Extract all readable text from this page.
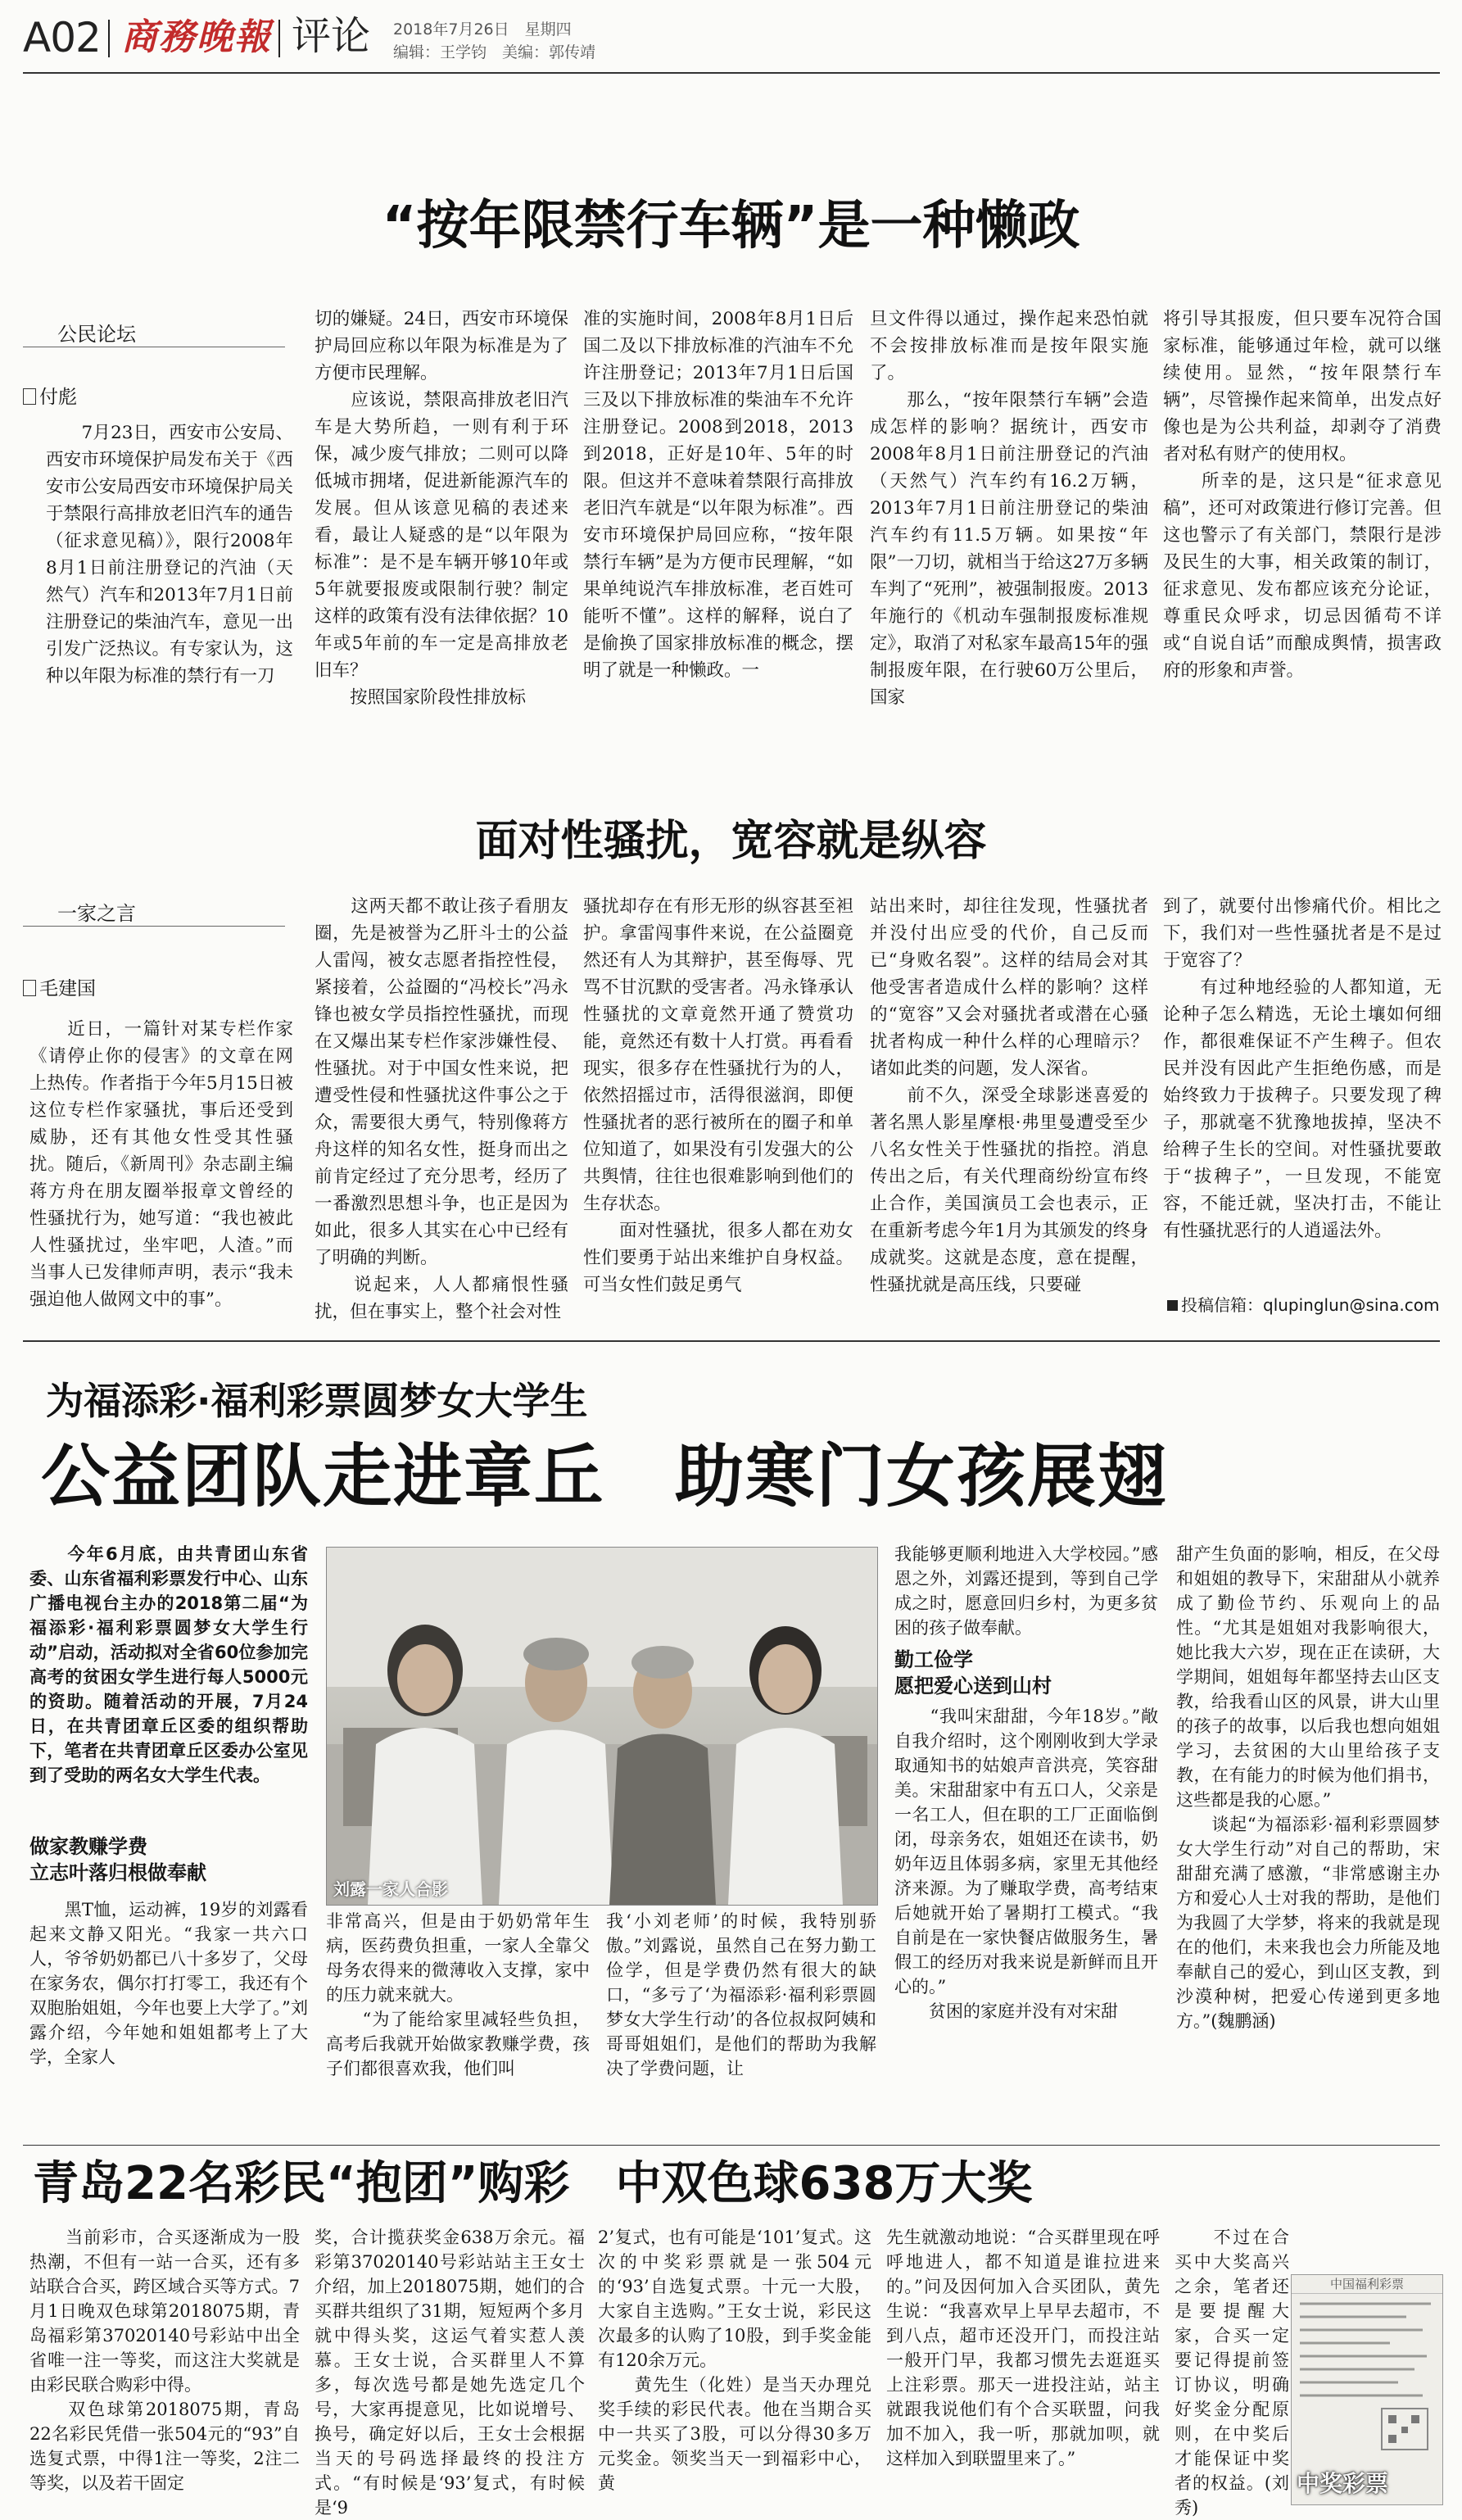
A02 商務晚報 评论 2018年7月26日　星期四
编辑：王学钧　美编：郭传靖
“按年限禁行车辆”是一种懒政
公民论坛
付彪
　　7月23日，西安市公安局、西安市环境保护局发布关于《西安市公安局西安市环境保护局关于禁限行高排放老旧汽车的通告（征求意见稿）》，限行2008年8月1日前注册登记的汽油（天然气）汽车和2013年7月1日前注册登记的柴油汽车，意见一出引发广泛热议。有专家认为，这种以年限为标准的禁行有一刀
切的嫌疑。24日，西安市环境保护局回应称以年限为标准是为了方便市民理解。
　　应该说，禁限高排放老旧汽车是大势所趋，一则有利于环保，减少废气排放；二则可以降低城市拥堵，促进新能源汽车的发展。但从该意见稿的表述来看，最让人疑惑的是“以年限为标准”：是不是车辆开够10年或5年就要报废或限制行驶？制定这样的政策有没有法律依据？10年或5年前的车一定是高排放老旧车？
　　按照国家阶段性排放标
准的实施时间，2008年8月1日后国二及以下排放标准的汽油车不允许注册登记；2013年7月1日后国三及以下排放标准的柴油车不允许注册登记。2008到2018，2013到2018，正好是10年、5年的时限。但这并不意味着禁限行高排放老旧汽车就是“以年限为标准”。西安市环境保护局回应称，“按年限禁行车辆”是为方便市民理解，“如果单纯说汽车排放标准，老百姓可能听不懂”。这样的解释，说白了是偷换了国家排放标准的概念，摆明了就是一种懒政。一
旦文件得以通过，操作起来恐怕就不会按排放标准而是按年限实施了。
　　那么，“按年限禁行车辆”会造成怎样的影响？据统计，西安市2008年8月1日前注册登记的汽油（天然气）汽车约有16.2万辆，2013年7月1日前注册登记的柴油汽车约有11.5万辆。如果按“年限”一刀切，就相当于给这27万多辆车判了“死刑”，被强制报废。2013年施行的《机动车强制报废标准规定》，取消了对私家车最高15年的强制报废年限，在行驶60万公里后，国家
将引导其报废，但只要车况符合国家标准，能够通过年检，就可以继续使用。显然，“按年限禁行车辆”，尽管操作起来简单，出发点好像也是为公共利益，却剥夺了消费者对私有财产的使用权。
　　所幸的是，这只是“征求意见稿”，还可对政策进行修订完善。但这也警示了有关部门，禁限行是涉及民生的大事，相关政策的制订，征求意见、发布都应该充分论证，尊重民众呼求，切忌因循苟不详或“自说自话”而酿成舆情，损害政府的形象和声誉。
面对性骚扰，宽容就是纵容
一家之言
毛建国
　　近日，一篇针对某专栏作家《请停止你的侵害》的文章在网上热传。作者指于今年5月15日被这位专栏作家骚扰，事后还受到威胁，还有其他女性受其性骚扰。随后，《新周刊》杂志副主编蒋方舟在朋友圈举报章文曾经的性骚扰行为，她写道：“我也被此人性骚扰过，坐牢吧，人渣。”而当事人已发律师声明，表示“我未强迫他人做网文中的事”。
　　这两天都不敢让孩子看朋友圈，先是被誉为乙肝斗士的公益人雷闯，被女志愿者指控性侵，紧接着，公益圈的“冯校长”冯永锋也被女学员指控性骚扰，而现在又爆出某专栏作家涉嫌性侵、性骚扰。对于中国女性来说，把遭受性侵和性骚扰这件事公之于众，需要很大勇气，特别像蒋方舟这样的知名女性，挺身而出之前肯定经过了充分思考，经历了一番激烈思想斗争，也正是因为如此，很多人其实在心中已经有了明确的判断。
　　说起来，人人都痛恨性骚扰，但在事实上，整个社会对性
骚扰却存在有形无形的纵容甚至袒护。拿雷闯事件来说，在公益圈竟然还有人为其辩护，甚至侮辱、咒骂不甘沉默的受害者。冯永锋承认性骚扰的文章竟然开通了赞赏功能，竟然还有数十人打赏。再看看现实，很多存在性骚扰行为的人，依然招摇过市，活得很滋润，即便性骚扰者的恶行被所在的圈子和单位知道了，如果没有引发强大的公共舆情，往往也很难影响到他们的生存状态。
　　面对性骚扰，很多人都在劝女性们要勇于站出来维护自身权益。可当女性们鼓足勇气
站出来时，却往往发现，性骚扰者并没付出应受的代价，自己反而已“身败名裂”。这样的结局会对其他受害者造成什么样的影响？这样的“宽容”又会对骚扰者或潜在心骚扰者构成一种什么样的心理暗示？诸如此类的问题，发人深省。
　　前不久，深受全球影迷喜爱的著名黑人影星摩根·弗里曼遭受至少八名女性关于性骚扰的指控。消息传出之后，有关代理商纷纷宣布终止合作，美国演员工会也表示，正在重新考虑今年1月为其颁发的终身成就奖。这就是态度，意在提醒，性骚扰就是高压线，只要碰
到了，就要付出惨痛代价。相比之下，我们对一些性骚扰者是不是过于宽容了？
　　有过种地经验的人都知道，无论种子怎么精选，无论土壤如何细作，都很难保证不产生稗子。但农民并没有因此产生拒绝伤感，而是始终致力于拔稗子。只要发现了稗子，那就毫不犹豫地拔掉，坚决不给稗子生长的空间。对性骚扰要敢于“拔稗子”，一旦发现，不能宽容，不能迁就，坚决打击，不能让有性骚扰恶行的人逍遥法外。
投稿信箱：qlupinglun@sina.com
为福添彩·福利彩票圆梦女大学生
公益团队走进章丘　助寒门女孩展翅
　　今年6月底，由共青团山东省委、山东省福利彩票发行中心、山东广播电视台主办的2018第二届“为福添彩·福利彩票圆梦女大学生行动”启动，活动拟对全省60位参加完高考的贫困女学生进行每人5000元的资助。随着活动的开展，7月24日，在共青团章丘区委的组织帮助下，笔者在共青团章丘区委办公室见到了受助的两名女大学生代表。
做家教赚学费
立志叶落归根做奉献
　　黑T恤，运动裤，19岁的刘露看起来文静又阳光。“我家一共六口人，爷爷奶奶都已八十多岁了，父母在家务农，偶尔打打零工，我还有个双胞胎姐姐，今年也要上大学了。”刘露介绍，今年她和姐姐都考上了大学，全家人
刘露一家人合影
非常高兴，但是由于奶奶常年生病，医药费负担重，一家人全靠父母务农得来的微薄收入支撑，家中的压力就来就大。
　　“为了能给家里减轻些负担，高考后我就开始做家教赚学费，孩子们都很喜欢我，他们叫
我‘小刘老师’的时候，我特别骄傲。”刘露说，虽然自己在努力勤工俭学，但是学费仍然有很大的缺口，“多亏了‘为福添彩·福利彩票圆梦女大学生行动’的各位叔叔阿姨和哥哥姐姐们，是他们的帮助为我解决了学费问题，让
我能够更顺利地进入大学校园。”感恩之外，刘露还提到，等到自己学成之时，愿意回归乡村，为更多贫困的孩子做奉献。
勤工俭学
愿把爱心送到山村
　　“我叫宋甜甜，今年18岁。”敞自我介绍时，这个刚刚收到大学录取通知书的姑娘声音洪亮，笑容甜美。宋甜甜家中有五口人，父亲是一名工人，但在职的工厂正面临倒闭，母亲务农，姐姐还在读书，奶奶年迈且体弱多病，家里无其他经济来源。为了赚取学费，高考结束后她就开始了暑期打工模式。“我自前是在一家快餐店做服务生，暑假工的经历对我来说是新鲜而且开心的。”
　　贫困的家庭并没有对宋甜
甜产生负面的影响，相反，在父母和姐姐的教导下，宋甜甜从小就养成了勤俭节约、乐观向上的品性。“尤其是姐姐对我影响很大，她比我大六岁，现在正在读研，大学期间，姐姐每年都坚持去山区支教，给我看山区的风景，讲大山里的孩子的故事，以后我也想向姐姐学习，去贫困的大山里给孩子支教，在有能力的时候为他们捐书，这些都是我的心愿。”
　　谈起“为福添彩·福利彩票圆梦女大学生行动”对自己的帮助，宋甜甜充满了感激，“非常感谢主办方和爱心人士对我的帮助，是他们为我圆了大学梦，将来的我就是现在的他们，未来我也会力所能及地奉献自己的爱心，到山区支教，到沙漠种树，把爱心传递到更多地方。”(魏鹏涵)
青岛22名彩民“抱团”购彩　中双色球638万大奖
　　当前彩市，合买逐渐成为一股热潮，不但有一站一合买，还有多站联合合买，跨区域合买等方式。7月1日晚双色球第2018075期，青岛福彩第37020140号彩站中出全省唯一注一等奖，而这注大奖就是由彩民联合购彩中得。
　　双色球第2018075期，青岛22名彩民凭借一张504元的“93”自选复式票，中得1注一等奖，2注二等奖，以及若干固定
奖，合计揽获奖金638万余元。福彩第37020140号彩站站主王女士介绍，加上2018075期，她们的合买群共组织了31期，短短两个多月就中得头奖，这运气着实惹人羡慕。王女士说，合买群里人不算多，每次选号都是她先选定几个号，大家再提意见，比如说增号、换号，确定好以后，王女士会根据当天的号码选择最终的投注方式。“有时候是‘93’复式，有时候是‘9
2’复式，也有可能是‘101’复式。这次的中奖彩票就是一张504元的‘93’自选复式票。十元一大股，大家自主选购。”王女士说，彩民这次最多的认购了10股，到手奖金能有120余万元。
　　黄先生（化姓）是当天办理兑奖手续的彩民代表。他在当期合买中一共买了3股，可以分得30多万元奖金。领奖当天一到福彩中心，黄
先生就激动地说：“合买群里现在呼呼地进人，都不知道是谁拉进来的。”问及因何加入合买团队，黄先生说：“我喜欢早上早早去超市，不到八点，超市还没开门，而投注站一般开门早，我都习惯先去逛逛买上注彩票。那天一进投注站，站主就跟我说他们有个合买联盟，问我加不加入，我一听，那就加呗，就这样加入到联盟里来了。”
　　不过在合买中大奖高兴之余，笔者还是要提醒大家，合买一定要记得提前签订协议，明确好奖金分配原则，在中奖后才能保证中奖者的权益。(刘秀)
中国福利彩票
中奖彩票
